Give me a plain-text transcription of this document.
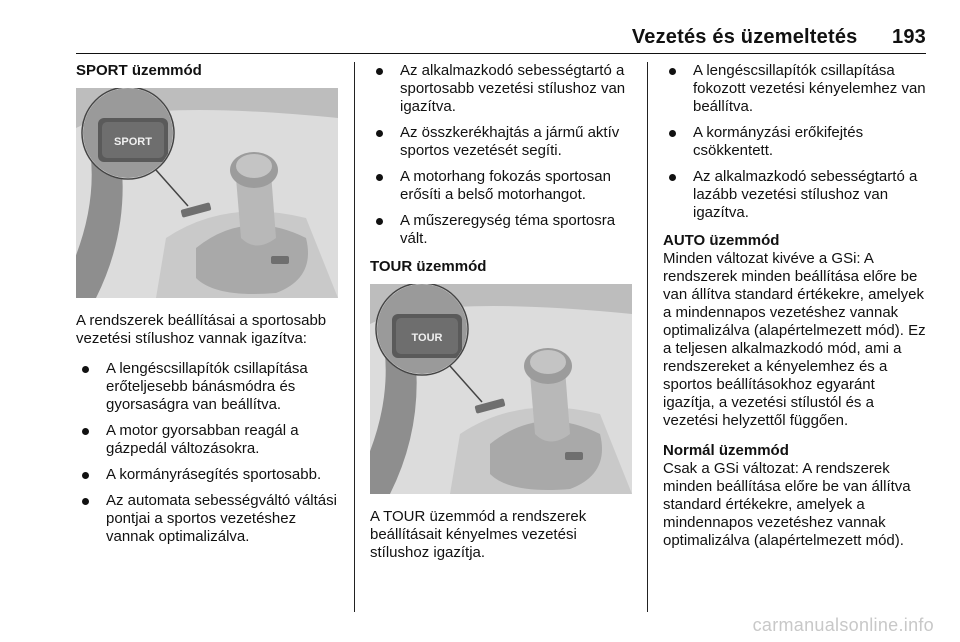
Vezetés és üzemeltetés 193
SPORT üzemmód
SPORT

A rendszerek beállításai a sportosabb vezetési stílushoz vannak igazítva:

A lengéscsillapítók csillapítása erőteljesebb bánásmódra és gyorsaságra van beállítva.
A motor gyorsabban reagál a gázpedál változásokra.
A kormányrásegítés sportosabb.
Az automata sebességváltó váltási pontjai a sportos vezetéshez vannak optimalizálva.
Az alkalmazkodó sebességtartó a sportosabb vezetési stílushoz van igazítva.
Az összkerékhajtás a jármű aktív sportos vezetését segíti.
A motorhang fokozás sportosan erősíti a belső motorhangot.
A műszeregység téma sportosra vált.
TOUR üzemmód
TOUR

A TOUR üzemmód a rendszerek beállításait kényelmes vezetési stílushoz igazítja.

A lengéscsillapítók csillapítása fokozott vezetési kényelemhez van beállítva.
A kormányzási erőkifejtés csökkentett.
Az alkalmazkodó sebességtartó a lazább vezetési stílushoz van igazítva.
AUTO üzemmód

Minden változat kivéve a GSi: A rendszerek minden beállítása előre be van állítva standard értékekre, amelyek a mindennapos vezetéshez vannak optimalizálva (alapértelmezett mód). Ez a teljesen alkalmazkodó mód, ami a rendszereket a kényelemhez és a sportos beállításokhoz egyaránt igazítja, a vezetési stílustól és a vezetési helyzettől függően.

Normál üzemmód

Csak a GSi változat: A rendszerek minden beállítása előre be van állítva standard értékekre, amelyek a mindennapos vezetéshez vannak optimalizálva (alapértelmezett mód).

carmanualsonline.info
